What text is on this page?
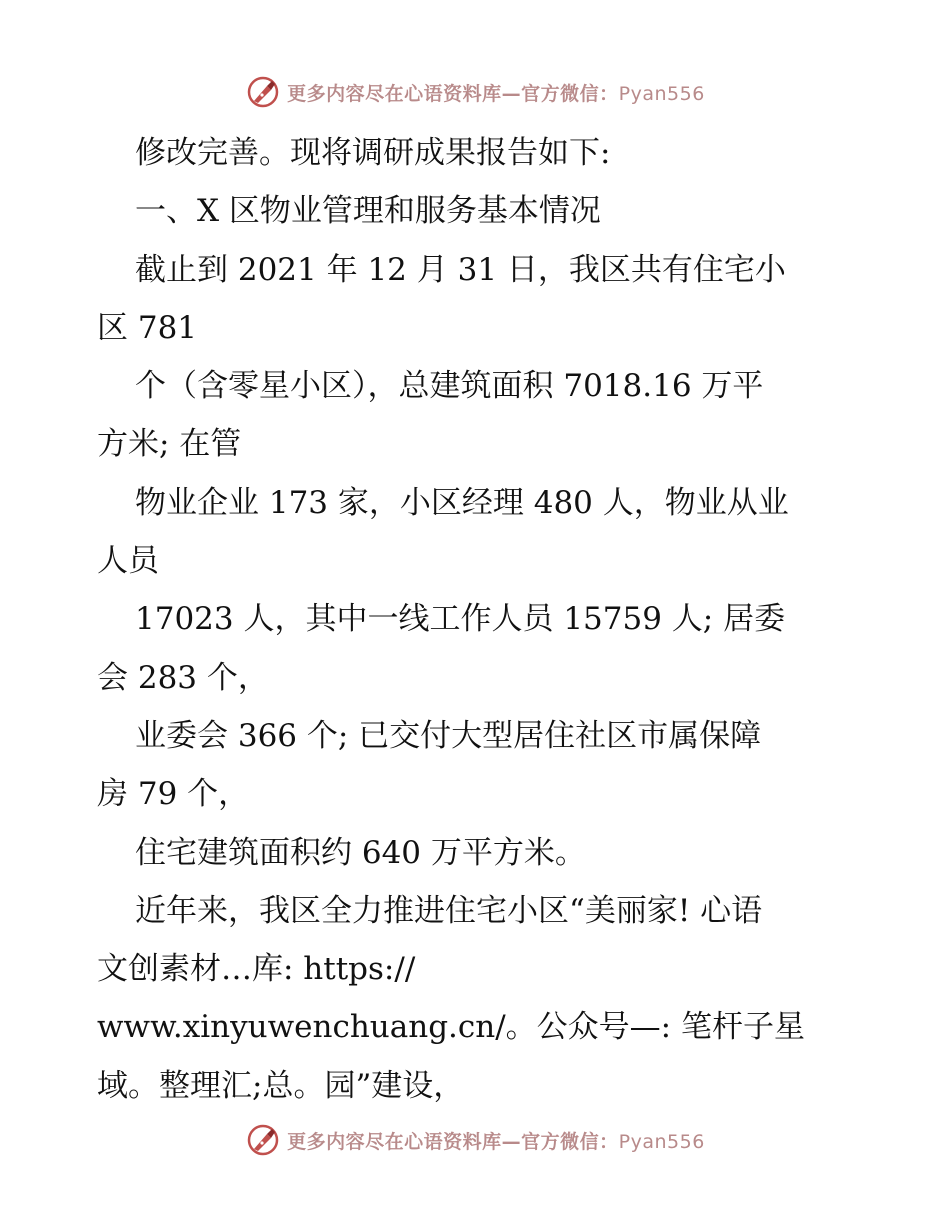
更多内容尽在心语资料库—官方微信：Pyan556
修改完善。现将调研成果报告如下:
一、X 区物业管理和服务基本情况
截止到 2021 年 12 月 31 日，我区共有住宅小
区 781
个（含零星小区），总建筑面积 7018.16 万平
方米; 在管
物业企业 173 家，小区经理 480 人，物业从业
人员
17023 人，其中一线工作人员 15759 人; 居委
会 283 个，
业委会 366 个; 已交付大型居住社区市属保障
房 79 个，
住宅建筑面积约 640 万平方米。
近年来，我区全力推进住宅小区“美丽家! 心语
文创素材…库: https://
www.xinyuwenchuang.cn/。公众号—: 笔杆子星
域。整理汇;总。园”建设，
更多内容尽在心语资料库—官方微信：Pyan556
